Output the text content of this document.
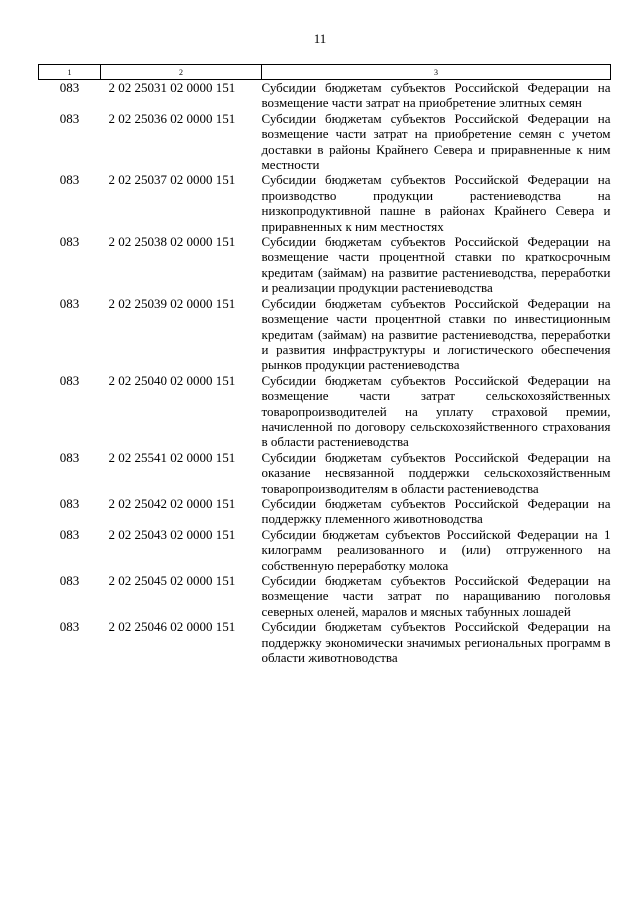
11
1	2	3
083	2 02 25031 02 0000 151	Субсидии бюджетам субъектов Российской Федерации на возмещение части затрат на приобретение элитных семян
083	2 02 25036 02 0000 151	Субсидии бюджетам субъектов Российской Федерации на возмещение части затрат на приобретение семян с учетом доставки в районы Крайнего Севера и приравненные к ним местности
083	2 02 25037 02 0000 151	Субсидии бюджетам субъектов Российской Федерации на производство продукции растениеводства на низкопродуктивной пашне в районах Крайнего Севера и приравненных к ним местностях
083	2 02 25038 02 0000 151	Субсидии бюджетам субъектов Российской Федерации на возмещение части процентной ставки по краткосрочным кредитам (займам) на развитие растениеводства, переработки и реализации продукции растениеводства
083	2 02 25039 02 0000 151	Субсидии бюджетам субъектов Российской Федерации на возмещение части процентной ставки по инвестиционным кредитам (займам) на развитие растениеводства, переработки и развития инфраструктуры и логистического обеспечения рынков продукции растениеводства
083	2 02 25040 02 0000 151	Субсидии бюджетам субъектов Российской Федерации на возмещение части затрат сельскохозяйственных товаропроизводителей на уплату страховой премии, начисленной по договору сельскохозяйственного страхования в области растениеводства
083	2 02 25541 02 0000 151	Субсидии бюджетам субъектов Российской Федерации на оказание несвязанной поддержки сельскохозяйственным товаропроизводителям в области растениеводства
083	2 02 25042 02 0000 151	Субсидии бюджетам субъектов Российской Федерации на поддержку племенного животноводства
083	2 02 25043 02 0000 151	Субсидии бюджетам субъектов Российской Федерации на 1 килограмм реализованного и (или) отгруженного на собственную переработку молока
083	2 02 25045 02 0000 151	Субсидии бюджетам субъектов Российской Федерации на возмещение части затрат по наращиванию поголовья северных оленей, маралов и мясных табунных лошадей
083	2 02 25046 02 0000 151	Субсидии бюджетам субъектов Российской Федерации на поддержку экономически значимых региональных программ в области животноводства
